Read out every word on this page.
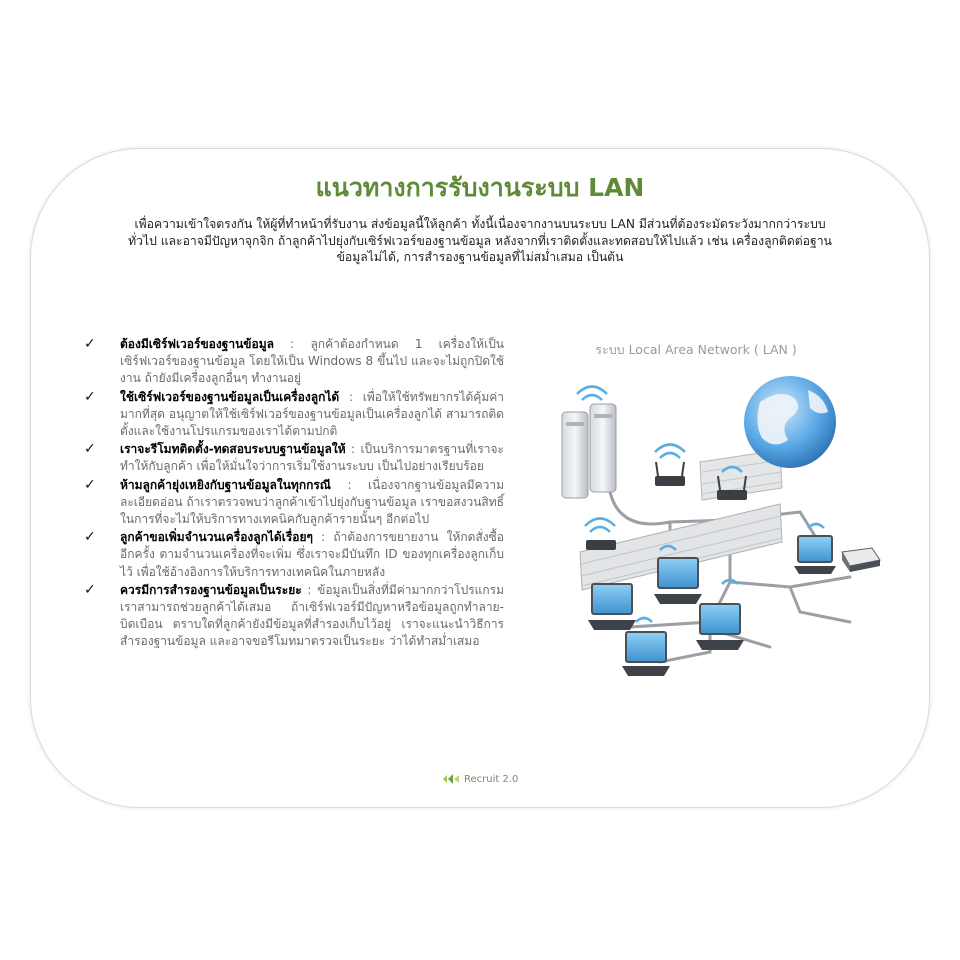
แนวทางการรับงานระบบ LAN

เพื่อความเข้าใจตรงกัน ให้ผู้ที่ทำหน้าที่รับงาน ส่งข้อมูลนี้ให้ลูกค้า ทั้งนี้เนื่องจากงานบนระบบ LAN มีส่วนที่ต้องระมัดระวังมากกว่าระบบทั่วไป และอาจมีปัญหาจุกจิก ถ้าลูกค้าไปยุ่งกับเซิร์ฟเวอร์ของฐานข้อมูล หลังจากที่เราติดตั้งและทดสอบให้ไปแล้ว เช่น เครื่องลูกติดต่อฐานข้อมูลไม่ได้, การสำรองฐานข้อมูลที่ไม่สม่ำเสมอ เป็นต้น

✓ ต้องมีเซิร์ฟเวอร์ของฐานข้อมูล : ลูกค้าต้องกำหนด 1 เครื่องให้เป็นเซิร์ฟเวอร์ของฐานข้อมูล โดยให้เป็น Windows 8 ขึ้นไป และจะไม่ถูกปิดใช้งาน ถ้ายังมีเครื่องลูกอื่นๆ ทำงานอยู่
✓ ใช้เซิร์ฟเวอร์ของฐานข้อมูลเป็นเครื่องลูกได้ : เพื่อให้ใช้ทรัพยากรได้คุ้มค่ามากที่สุด อนุญาตให้ใช้เซิร์ฟเวอร์ของฐานข้อมูลเป็นเครื่องลูกได้ สามารถติดตั้งและใช้งานโปรแกรมของเราได้ตามปกติ
✓ เราจะรีโมทติดตั้ง-ทดสอบระบบฐานข้อมูลให้ : เป็นบริการมาตรฐานที่เราจะทำให้กับลูกค้า เพื่อให้มั่นใจว่าการเริ่มใช้งานระบบ เป็นไปอย่างเรียบร้อย
✓ ห้ามลูกค้ายุ่งเหยิงกับฐานข้อมูลในทุกกรณี : เนื่องจากฐานข้อมูลมีความละเอียดอ่อน ถ้าเราตรวจพบว่าลูกค้าเข้าไปยุ่งกับฐานข้อมูล เราขอสงวนสิทธิ์ในการที่จะไม่ให้บริการทางเทคนิคกับลูกค้ารายนั้นๆ อีกต่อไป
✓ ลูกค้าขอเพิ่มจำนวนเครื่องลูกได้เรื่อยๆ : ถ้าต้องการขยายงาน ให้กดสั่งซื้ออีกครั้ง ตามจำนวนเครื่องที่จะเพิ่ม ซึ่งเราจะมีบันทึก ID ของทุกเครื่องลูกเก็บไว้ เพื่อใช้อ้างอิงการให้บริการทางเทคนิคในภายหลัง
✓ ควรมีการสำรองฐานข้อมูลเป็นระยะ : ข้อมูลเป็นสิ่งที่มีค่ามากกว่าโปรแกรม เราสามารถช่วยลูกค้าได้เสมอ ถ้าเซิร์ฟเวอร์มีปัญหาหรือข้อมูลถูกทำลาย-บิดเบือน ตราบใดที่ลูกค้ายังมีข้อมูลที่สำรองเก็บไว้อยู่ เราจะแนะนำวิธีการสำรองฐานข้อมูล และอาจขอรีโมทมาตรวจเป็นระยะ ว่าได้ทำสม่ำเสมอ
ระบบ Local Area Network ( LAN )
Recruit 2.0
